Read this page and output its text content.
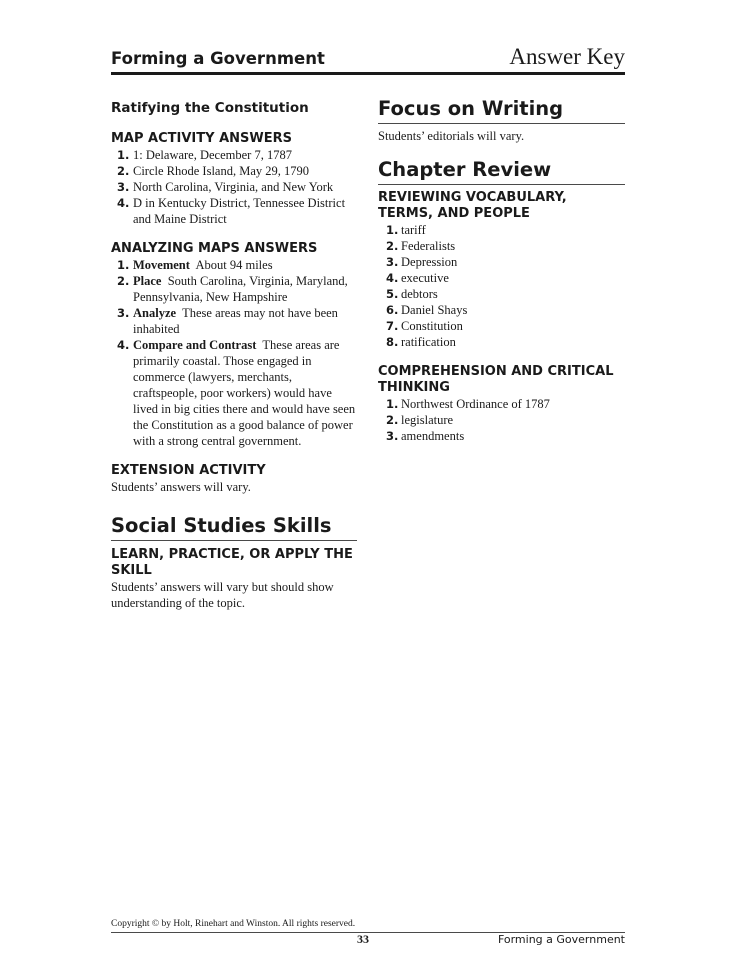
Forming a Government	Answer Key

Ratifying the Constitution

MAP ACTIVITY ANSWERS

1. 1: Delaware, December 7, 1787
2. Circle Rhode Island, May 29, 1790
3. North Carolina, Virginia, and New York
4. D in Kentucky District, Tennessee District and Maine District

ANALYZING MAPS ANSWERS

1. Movement About 94 miles
2. Place South Carolina, Virginia, Maryland, Pennsylvania, New Hampshire
3. Analyze These areas may not have been inhabited
4. Compare and Contrast These areas are primarily coastal. Those engaged in commerce (lawyers, merchants, craftspeople, poor workers) would have lived in big cities there and would have seen the Constitution as a good balance of power with a strong central government.

EXTENSION ACTIVITY

Students’ answers will vary.

Social Studies Skills

LEARN, PRACTICE, OR APPLY THE SKILL

Students’ answers will vary but should show understanding of the topic.

Focus on Writing

Students’ editorials will vary.

Chapter Review

REVIEWING VOCABULARY, TERMS, AND PEOPLE

1. tariff
2. Federalists
3. Depression
4. executive
5. debtors
6. Daniel Shays
7. Constitution
8. ratification

COMPREHENSION AND CRITICAL THINKING

1. Northwest Ordinance of 1787
2. legislature
3. amendments
Copyright © by Holt, Rinehart and Winston. All rights reserved.
33	Forming a Government
